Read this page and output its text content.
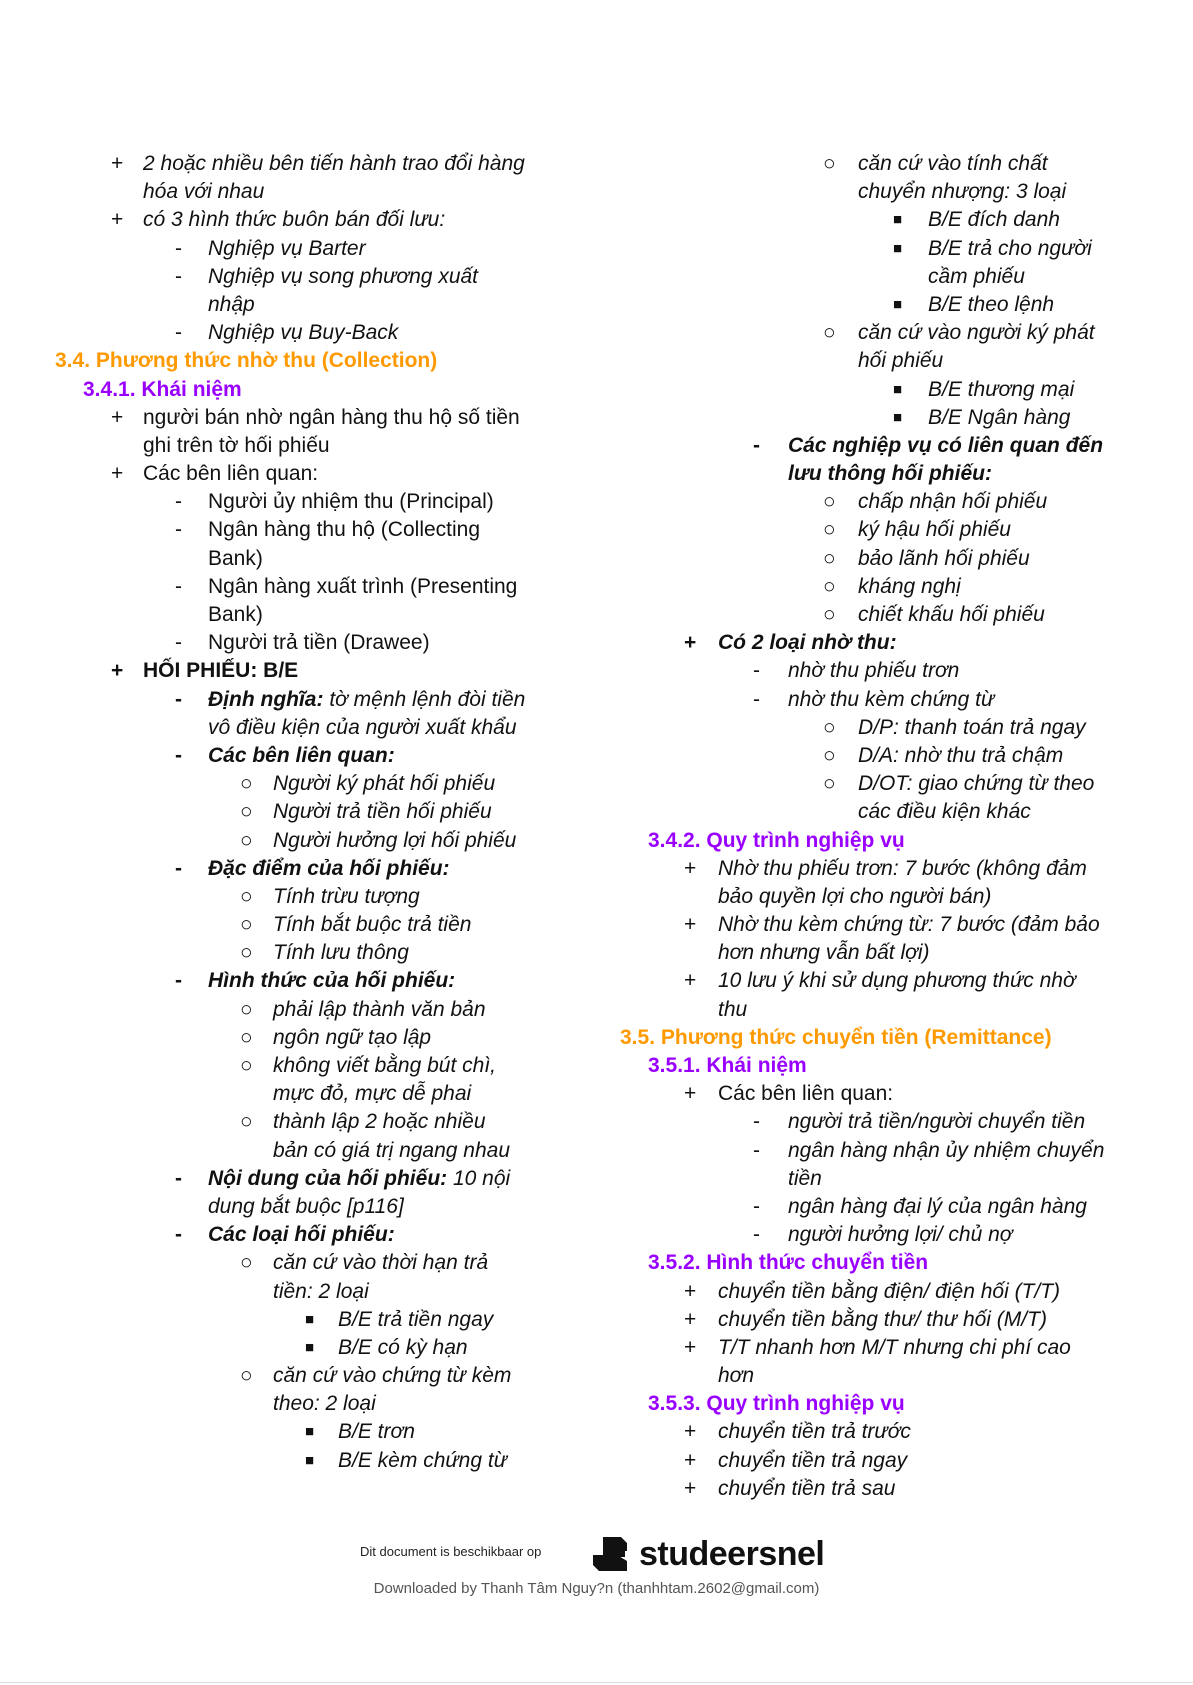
+ 2 hoặc nhiều bên tiến hành trao đổi hàng
hóa với nhau
+ có 3 hình thức buôn bán đối lưu:
- Nghiệp vụ Barter
- Nghiệp vụ song phương xuất
nhập
- Nghiệp vụ Buy-Back
3.4. Phương thức nhờ thu (Collection)
3.4.1. Khái niệm
+ người bán nhờ ngân hàng thu hộ số tiền
ghi trên tờ hối phiếu
+ Các bên liên quan:
- Người ủy nhiệm thu (Principal)
- Ngân hàng thu hộ (Collecting
Bank)
- Ngân hàng xuất trình (Presenting
Bank)
- Người trả tiền (Drawee)
+ HỐI PHIẾU: B/E
- Định nghĩa: tờ mệnh lệnh đòi tiền
vô điều kiện của người xuất khẩu
- Các bên liên quan:
○ Người ký phát hối phiếu
○ Người trả tiền hối phiếu
○ Người hưởng lợi hối phiếu
- Đặc điểm của hối phiếu:
○ Tính trừu tượng
○ Tính bắt buộc trả tiền
○ Tính lưu thông
- Hình thức của hối phiếu:
○ phải lập thành văn bản
○ ngôn ngữ tạo lập
○ không viết bằng bút chì,
mực đỏ, mực dễ phai
○ thành lập 2 hoặc nhiều
bản có giá trị ngang nhau
- Nội dung của hối phiếu: 10 nội
dung bắt buộc [p116]
- Các loại hối phiếu:
○ căn cứ vào thời hạn trả
tiền: 2 loại
■ B/E trả tiền ngay
■ B/E có kỳ hạn
○ căn cứ vào chứng từ kèm
theo: 2 loại
■ B/E trơn
■ B/E kèm chứng từ
○ căn cứ vào tính chất
chuyển nhượng: 3 loại
■ B/E đích danh
■ B/E trả cho người
cầm phiếu
■ B/E theo lệnh
○ căn cứ vào người ký phát
hối phiếu
■ B/E thương mại
■ B/E Ngân hàng
- Các nghiệp vụ có liên quan đến
lưu thông hối phiếu:
○ chấp nhận hối phiếu
○ ký hậu hối phiếu
○ bảo lãnh hối phiếu
○ kháng nghị
○ chiết khấu hối phiếu
+ Có 2 loại nhờ thu:
- nhờ thu phiếu trơn
- nhờ thu kèm chứng từ
○ D/P: thanh toán trả ngay
○ D/A: nhờ thu trả chậm
○ D/OT: giao chứng từ theo
các điều kiện khác
3.4.2. Quy trình nghiệp vụ
+ Nhờ thu phiếu trơn: 7 bước (không đảm
bảo quyền lợi cho người bán)
+ Nhờ thu kèm chứng từ: 7 bước (đảm bảo
hơn nhưng vẫn bất lợi)
+ 10 lưu ý khi sử dụng phương thức nhờ
thu
3.5. Phương thức chuyển tiền (Remittance)
3.5.1. Khái niệm
+ Các bên liên quan:
- người trả tiền/người chuyển tiền
- ngân hàng nhận ủy nhiệm chuyển
tiền
- ngân hàng đại lý của ngân hàng
- người hưởng lợi/ chủ nợ
3.5.2. Hình thức chuyển tiền
+ chuyển tiền bằng điện/ điện hối (T/T)
+ chuyển tiền bằng thư/ thư hối (M/T)
+ T/T nhanh hơn M/T nhưng chi phí cao
hơn
3.5.3. Quy trình nghiệp vụ
+ chuyển tiền trả trước
+ chuyển tiền trả ngay
+ chuyển tiền trả sau
Dit document is beschikbaar op	studeersnel
Downloaded by Thanh Tâm Nguy?n (thanhhtam.2602@gmail.com)
